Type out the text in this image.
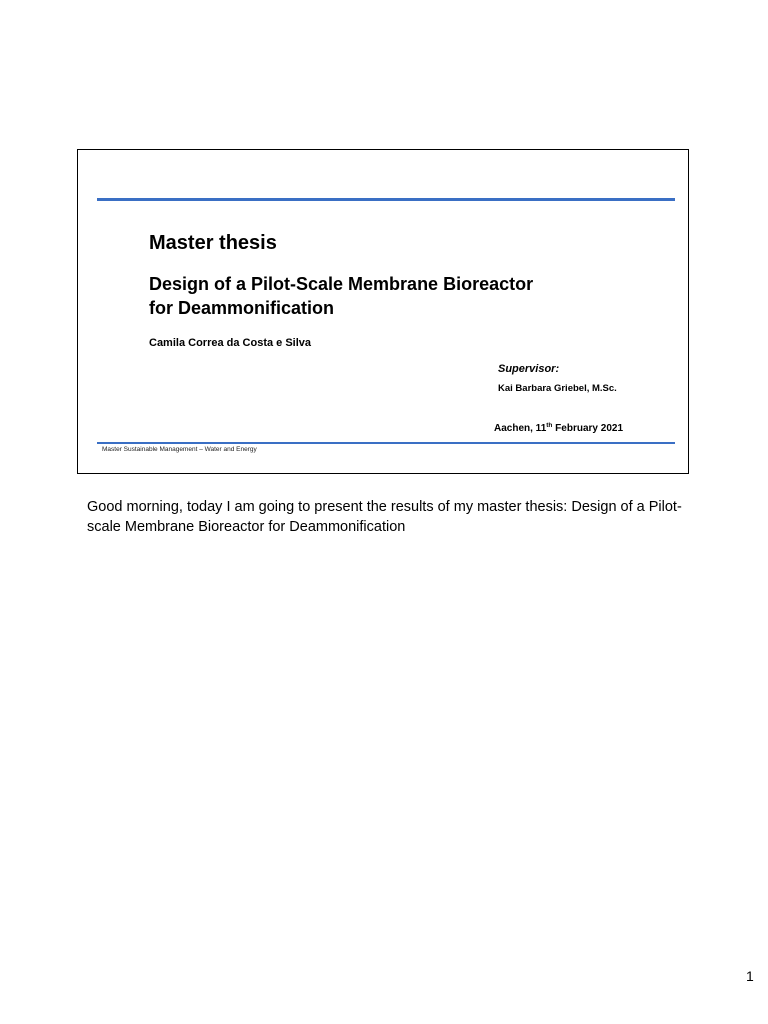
Master thesis
Design of a Pilot-Scale Membrane Bioreactor
for Deammonification
Camila Correa da Costa e Silva
Supervisor:
Kai Barbara Griebel, M.Sc.
Aachen, 11th February 2021
Master Sustainable Management – Water and Energy
Good morning, today I am going to present the results of my master thesis: Design of a Pilot-scale Membrane Bioreactor for Deammonification
1
